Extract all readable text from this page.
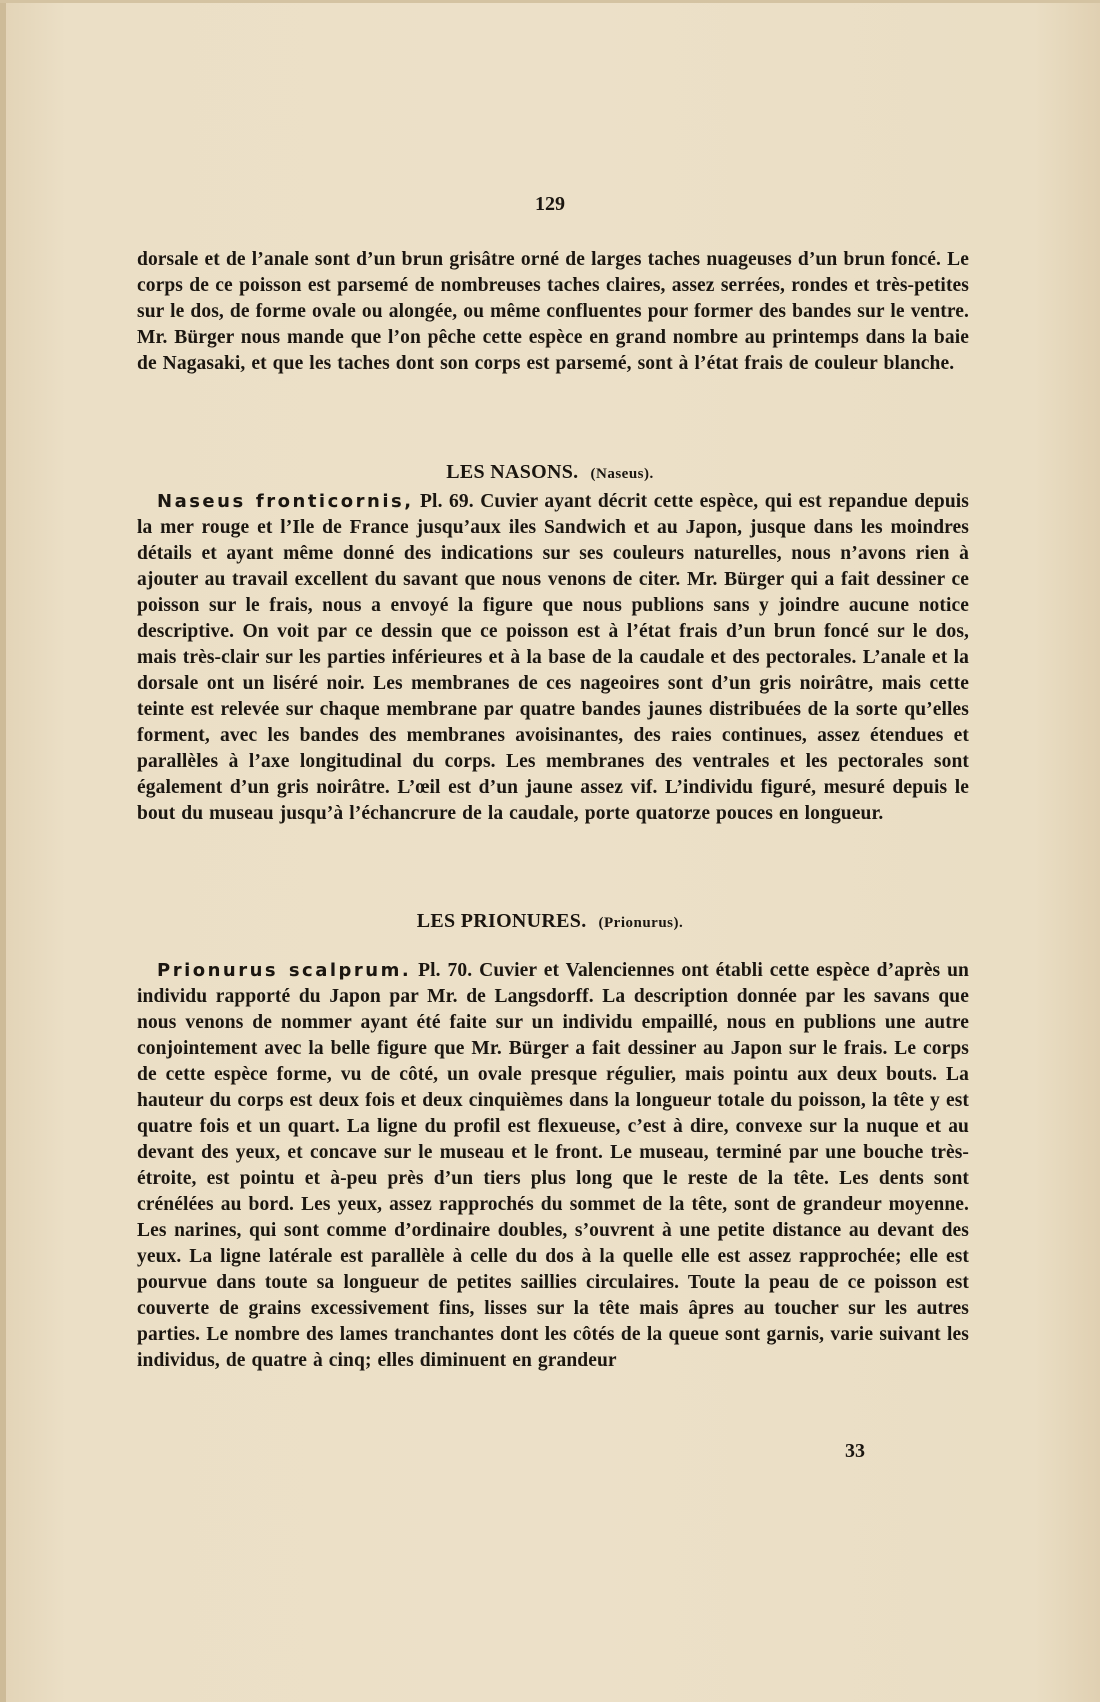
129

dorsale et de l’anale sont d’un brun grisâtre orné de larges taches nuageuses d’un brun foncé. Le corps de ce poisson est parsemé de nombreuses taches claires, assez serrées, rondes et très-petites sur le dos, de forme ovale ou alongée, ou même confluentes pour former des bandes sur le ventre. Mr. Bürger nous mande que l’on pêche cette espèce en grand nombre au printemps dans la baie de Nagasaki, et que les taches dont son corps est parsemé, sont à l’état frais de couleur blanche.

LES NASONS. (Naseus).

Naseus fronticornis, Pl. 69. Cuvier ayant décrit cette espèce, qui est repandue depuis la mer rouge et l’Ile de France jusqu’aux iles Sandwich et au Japon, jusque dans les moindres détails et ayant même donné des indications sur ses couleurs naturelles, nous n’avons rien à ajouter au travail excellent du savant que nous venons de citer. Mr. Bürger qui a fait dessiner ce poisson sur le frais, nous a envoyé la figure que nous publions sans y joindre aucune notice descriptive. On voit par ce dessin que ce poisson est à l’état frais d’un brun foncé sur le dos, mais très-clair sur les parties inférieures et à la base de la caudale et des pectorales. L’anale et la dorsale ont un liséré noir. Les membranes de ces nageoires sont d’un gris noirâtre, mais cette teinte est relevée sur chaque membrane par quatre bandes jaunes distribuées de la sorte qu’elles forment, avec les bandes des membranes avoisinantes, des raies continues, assez étendues et parallèles à l’axe longitudinal du corps. Les membranes des ventrales et les pectorales sont également d’un gris noirâtre. L’œil est d’un jaune assez vif. L’individu figuré, mesuré depuis le bout du museau jusqu’à l’échancrure de la caudale, porte quatorze pouces en longueur.

LES PRIONURES. (Prionurus).

Prionurus scalprum. Pl. 70. Cuvier et Valenciennes ont établi cette espèce d’après un individu rapporté du Japon par Mr. de Langsdorff. La description donnée par les savans que nous venons de nommer ayant été faite sur un individu empaillé, nous en publions une autre conjointement avec la belle figure que Mr. Bürger a fait dessiner au Japon sur le frais. Le corps de cette espèce forme, vu de côté, un ovale presque régulier, mais pointu aux deux bouts. La hauteur du corps est deux fois et deux cinquièmes dans la longueur totale du poisson, la tête y est quatre fois et un quart. La ligne du profil est flexueuse, c’est à dire, convexe sur la nuque et au devant des yeux, et concave sur le museau et le front. Le museau, terminé par une bouche très-étroite, est pointu et à-peu près d’un tiers plus long que le reste de la tête. Les dents sont crénélées au bord. Les yeux, assez rapprochés du sommet de la tête, sont de grandeur moyenne. Les narines, qui sont comme d’ordinaire doubles, s’ouvrent à une petite distance au devant des yeux. La ligne latérale est parallèle à celle du dos à la quelle elle est assez rapprochée; elle est pourvue dans toute sa longueur de petites saillies circulaires. Toute la peau de ce poisson est couverte de grains excessivement fins, lisses sur la tête mais âpres au toucher sur les autres parties. Le nombre des lames tranchantes dont les côtés de la queue sont garnis, varie suivant les individus, de quatre à cinq; elles diminuent en grandeur

33
